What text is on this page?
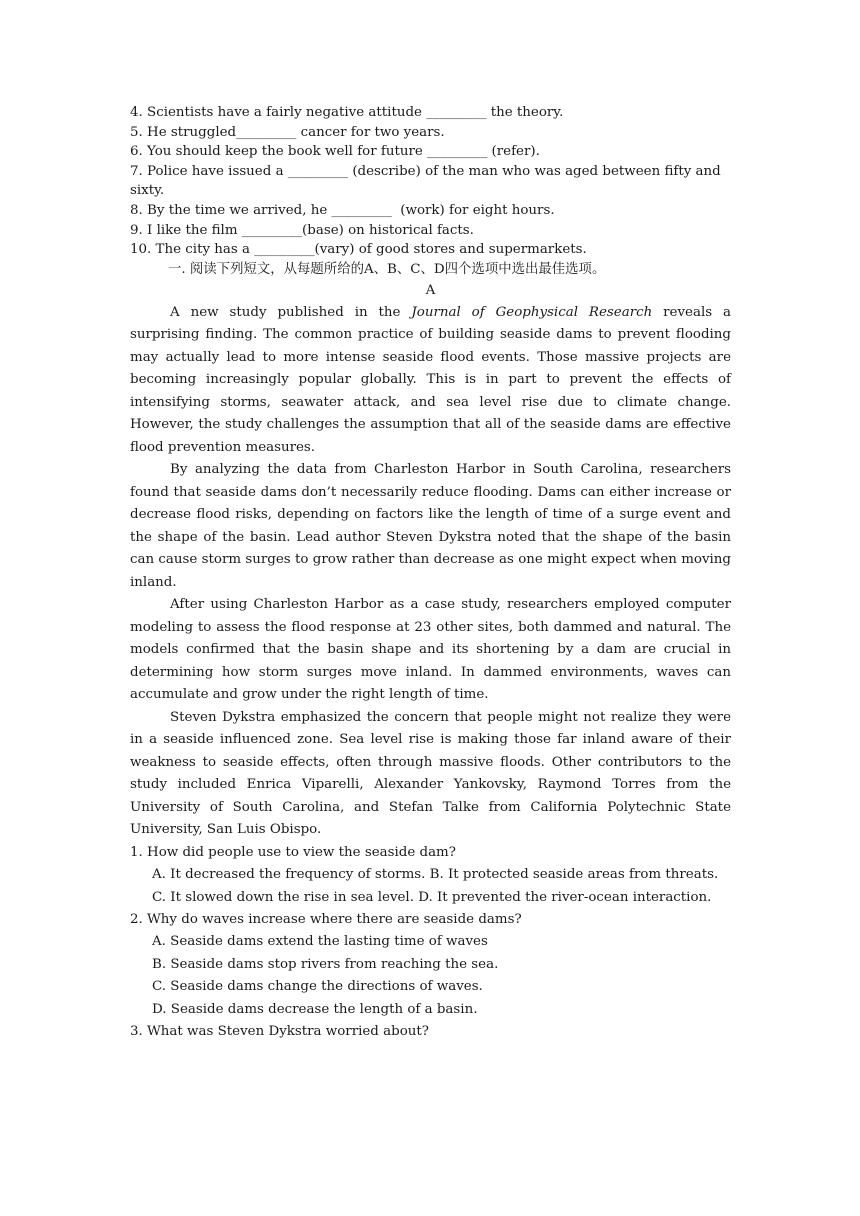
4. Scientists have a fairly negative attitude _________ the theory.
5. He struggled_________ cancer for two years.
6. You should keep the book well for future _________ (refer).
7. Police have issued a _________ (describe) of the man who was aged between fifty and sixty.
8. By the time we arrived, he _________  (work) for eight hours.
9. I like the film _________(base) on historical facts.
10. The city has a _________(vary) of good stores and supermarkets.
一. 阅读下列短文，从每题所给的A、B、C、D四个选项中选出最佳选项。
A
A new study published in the Journal of Geophysical Research reveals a surprising finding. The common practice of building seaside dams to prevent flooding may actually lead to more intense seaside flood events. Those massive projects are becoming increasingly popular globally. This is in part to prevent the effects of intensifying storms, seawater attack, and sea level rise due to climate change. However, the study challenges the assumption that all of the seaside dams are effective flood prevention measures.
By analyzing the data from Charleston Harbor in South Carolina, researchers found that seaside dams don’t necessarily reduce flooding. Dams can either increase or decrease flood risks, depending on factors like the length of time of a surge event and the shape of the basin. Lead author Steven Dykstra noted that the shape of the basin can cause storm surges to grow rather than decrease as one might expect when moving inland.
After using Charleston Harbor as a case study, researchers employed computer modeling to assess the flood response at 23 other sites, both dammed and natural. The models confirmed that the basin shape and its shortening by a dam are crucial in determining how storm surges move inland. In dammed environments, waves can accumulate and grow under the right length of time.
Steven Dykstra emphasized the concern that people might not realize they were in a seaside influenced zone. Sea level rise is making those far inland aware of their weakness to seaside effects, often through massive floods. Other contributors to the study included Enrica Viparelli, Alexander Yankovsky, Raymond Torres from the University of South Carolina, and Stefan Talke from California Polytechnic State University, San Luis Obispo.
1. How did people use to view the seaside dam?
A. It decreased the frequency of storms. B. It protected seaside areas from threats.
C. It slowed down the rise in sea level. D. It prevented the river-ocean interaction.
2. Why do waves increase where there are seaside dams?
A. Seaside dams extend the lasting time of waves
B. Seaside dams stop rivers from reaching the sea.
C. Seaside dams change the directions of waves.
D. Seaside dams decrease the length of a basin.
3. What was Steven Dykstra worried about?
